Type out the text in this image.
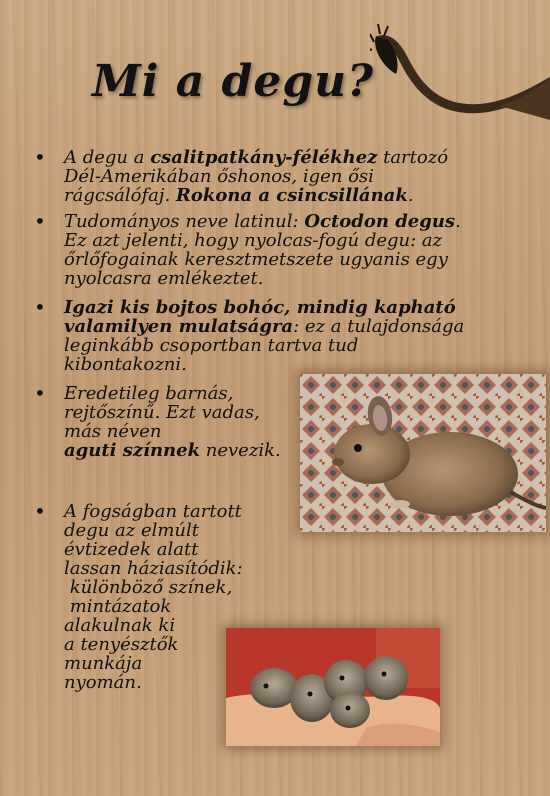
Mi a degu?
• A degu a csalitpatkány-félékhez tartozó
Dél-Amerikában őshonos, igen ősi
rágcsálófaj. Rokona a csincsillának.

• Tudományos neve latinul: Octodon degus.
Ez azt jelenti, hogy nyolcas-fogú degu: az
őrlőfogainak keresztmetszete ugyanis egy
nyolcasra emlékeztet.

• Igazi kis bojtos bohóc, mindig kapható
valamilyen mulatságra: ez a tulajdonsága
leginkább csoportban tartva tud
kibontakozni.

• Eredetileg barnás,
rejtőszínű. Ezt vadas,
más néven
aguti színnek nevezik.

• A fogságban tartott
degu az elmúlt
évtizedek alatt
lassan háziasítódik:
különböző színek,
mintázatok
alakulnak ki
a tenyésztők
munkája
nyomán.
